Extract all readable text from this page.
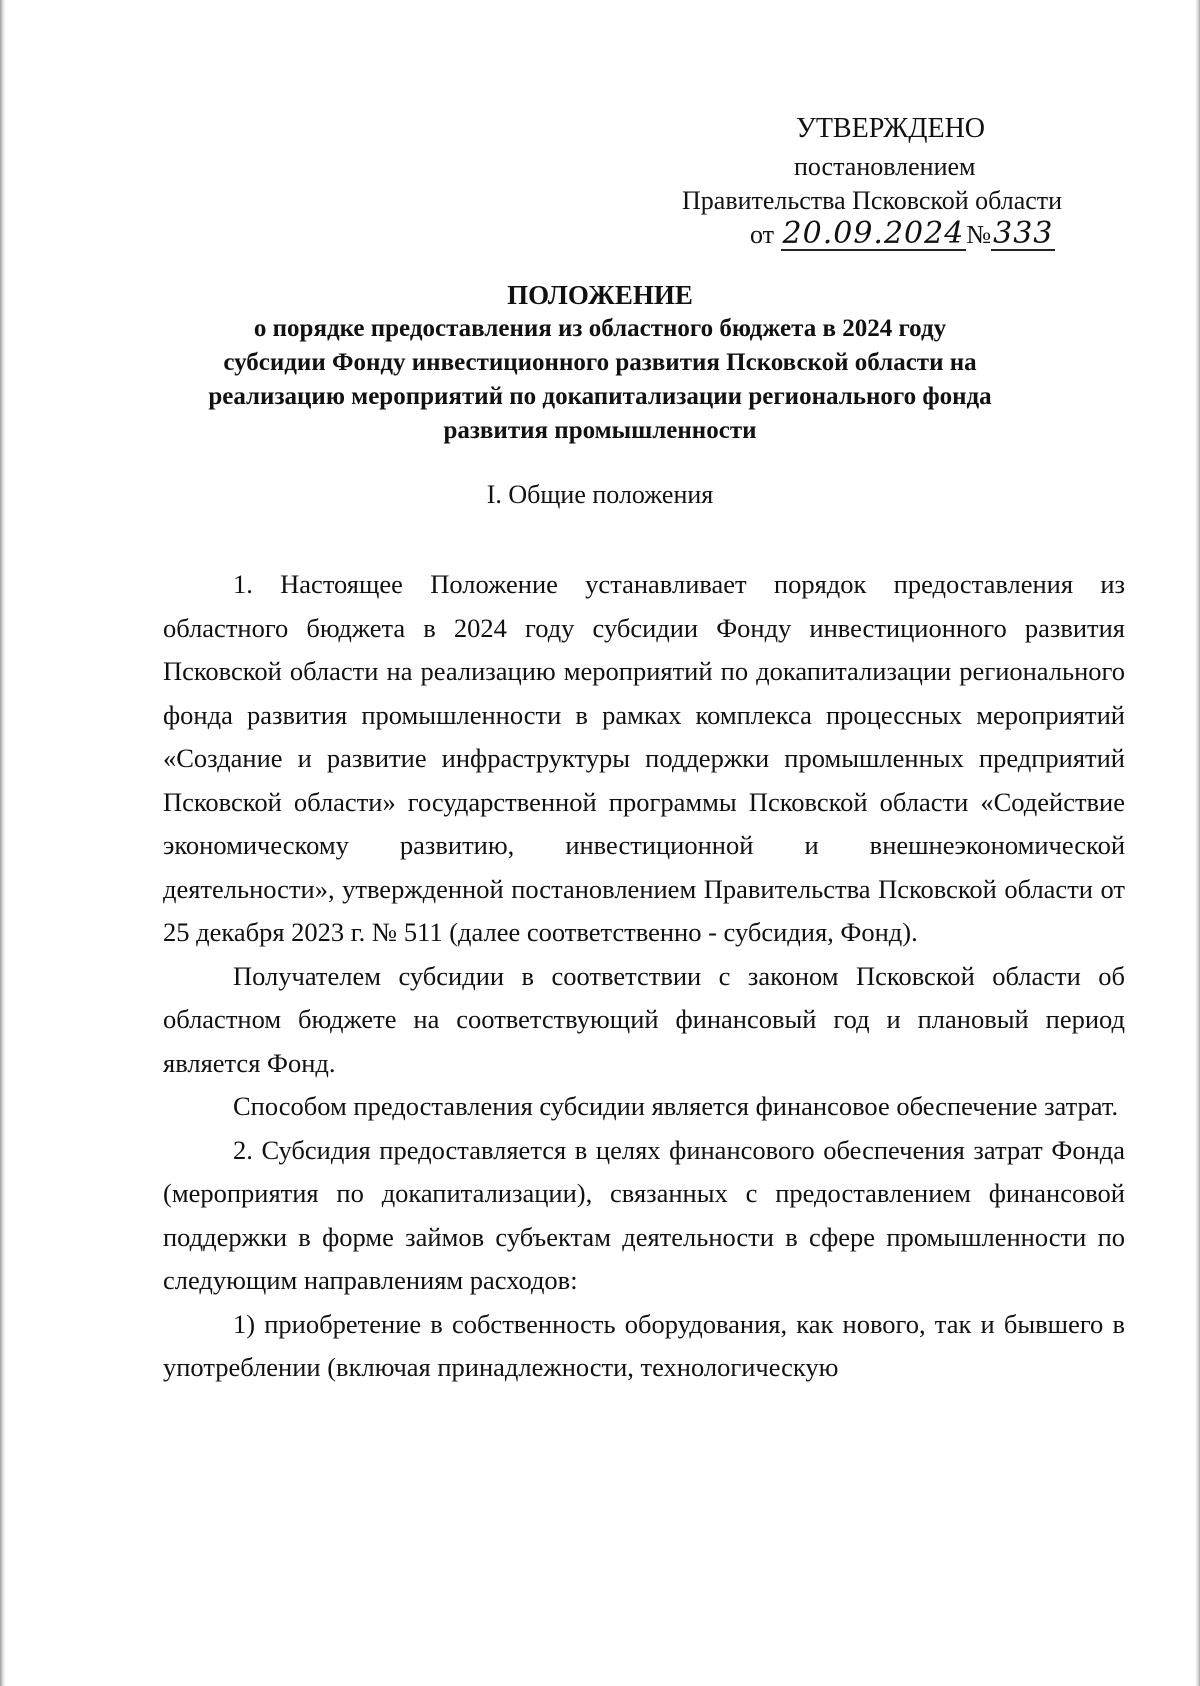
УТВЕРЖДЕНО
постановлением
Правительства Псковской области
от 20.09.2024№333
ПОЛОЖЕНИЕ
о порядке предоставления из областного бюджета в 2024 году
субсидии Фонду инвестиционного развития Псковской области на
реализацию мероприятий по докапитализации регионального фонда
развития промышленности
I. Общие положения

1. Настоящее Положение устанавливает порядок предоставления из областного бюджета в 2024 году субсидии Фонду инвестиционного развития Псковской области на реализацию мероприятий по докапитализации регионального фонда развития промышленности в рамках комплекса процессных мероприятий «Создание и развитие инфраструктуры поддержки промышленных предприятий Псковской области» государственной программы Псковской области «Содействие экономическому развитию, инвестиционной и внешнеэкономической деятельности», утвержденной постановлением Правительства Псковской области от 25 декабря 2023 г. № 511 (далее соответственно - субсидия, Фонд).

Получателем субсидии в соответствии с законом Псковской области об областном бюджете на соответствующий финансовый год и плановый период является Фонд.

Способом предоставления субсидии является финансовое обеспечение затрат.

2. Субсидия предоставляется в целях финансового обеспечения затрат Фонда (мероприятия по докапитализации), связанных с предоставлением финансовой поддержки в форме займов субъектам деятельности в сфере промышленности по следующим направлениям расходов:

1) приобретение в собственность оборудования, как нового, так и бывшего в употреблении (включая принадлежности, технологическую
